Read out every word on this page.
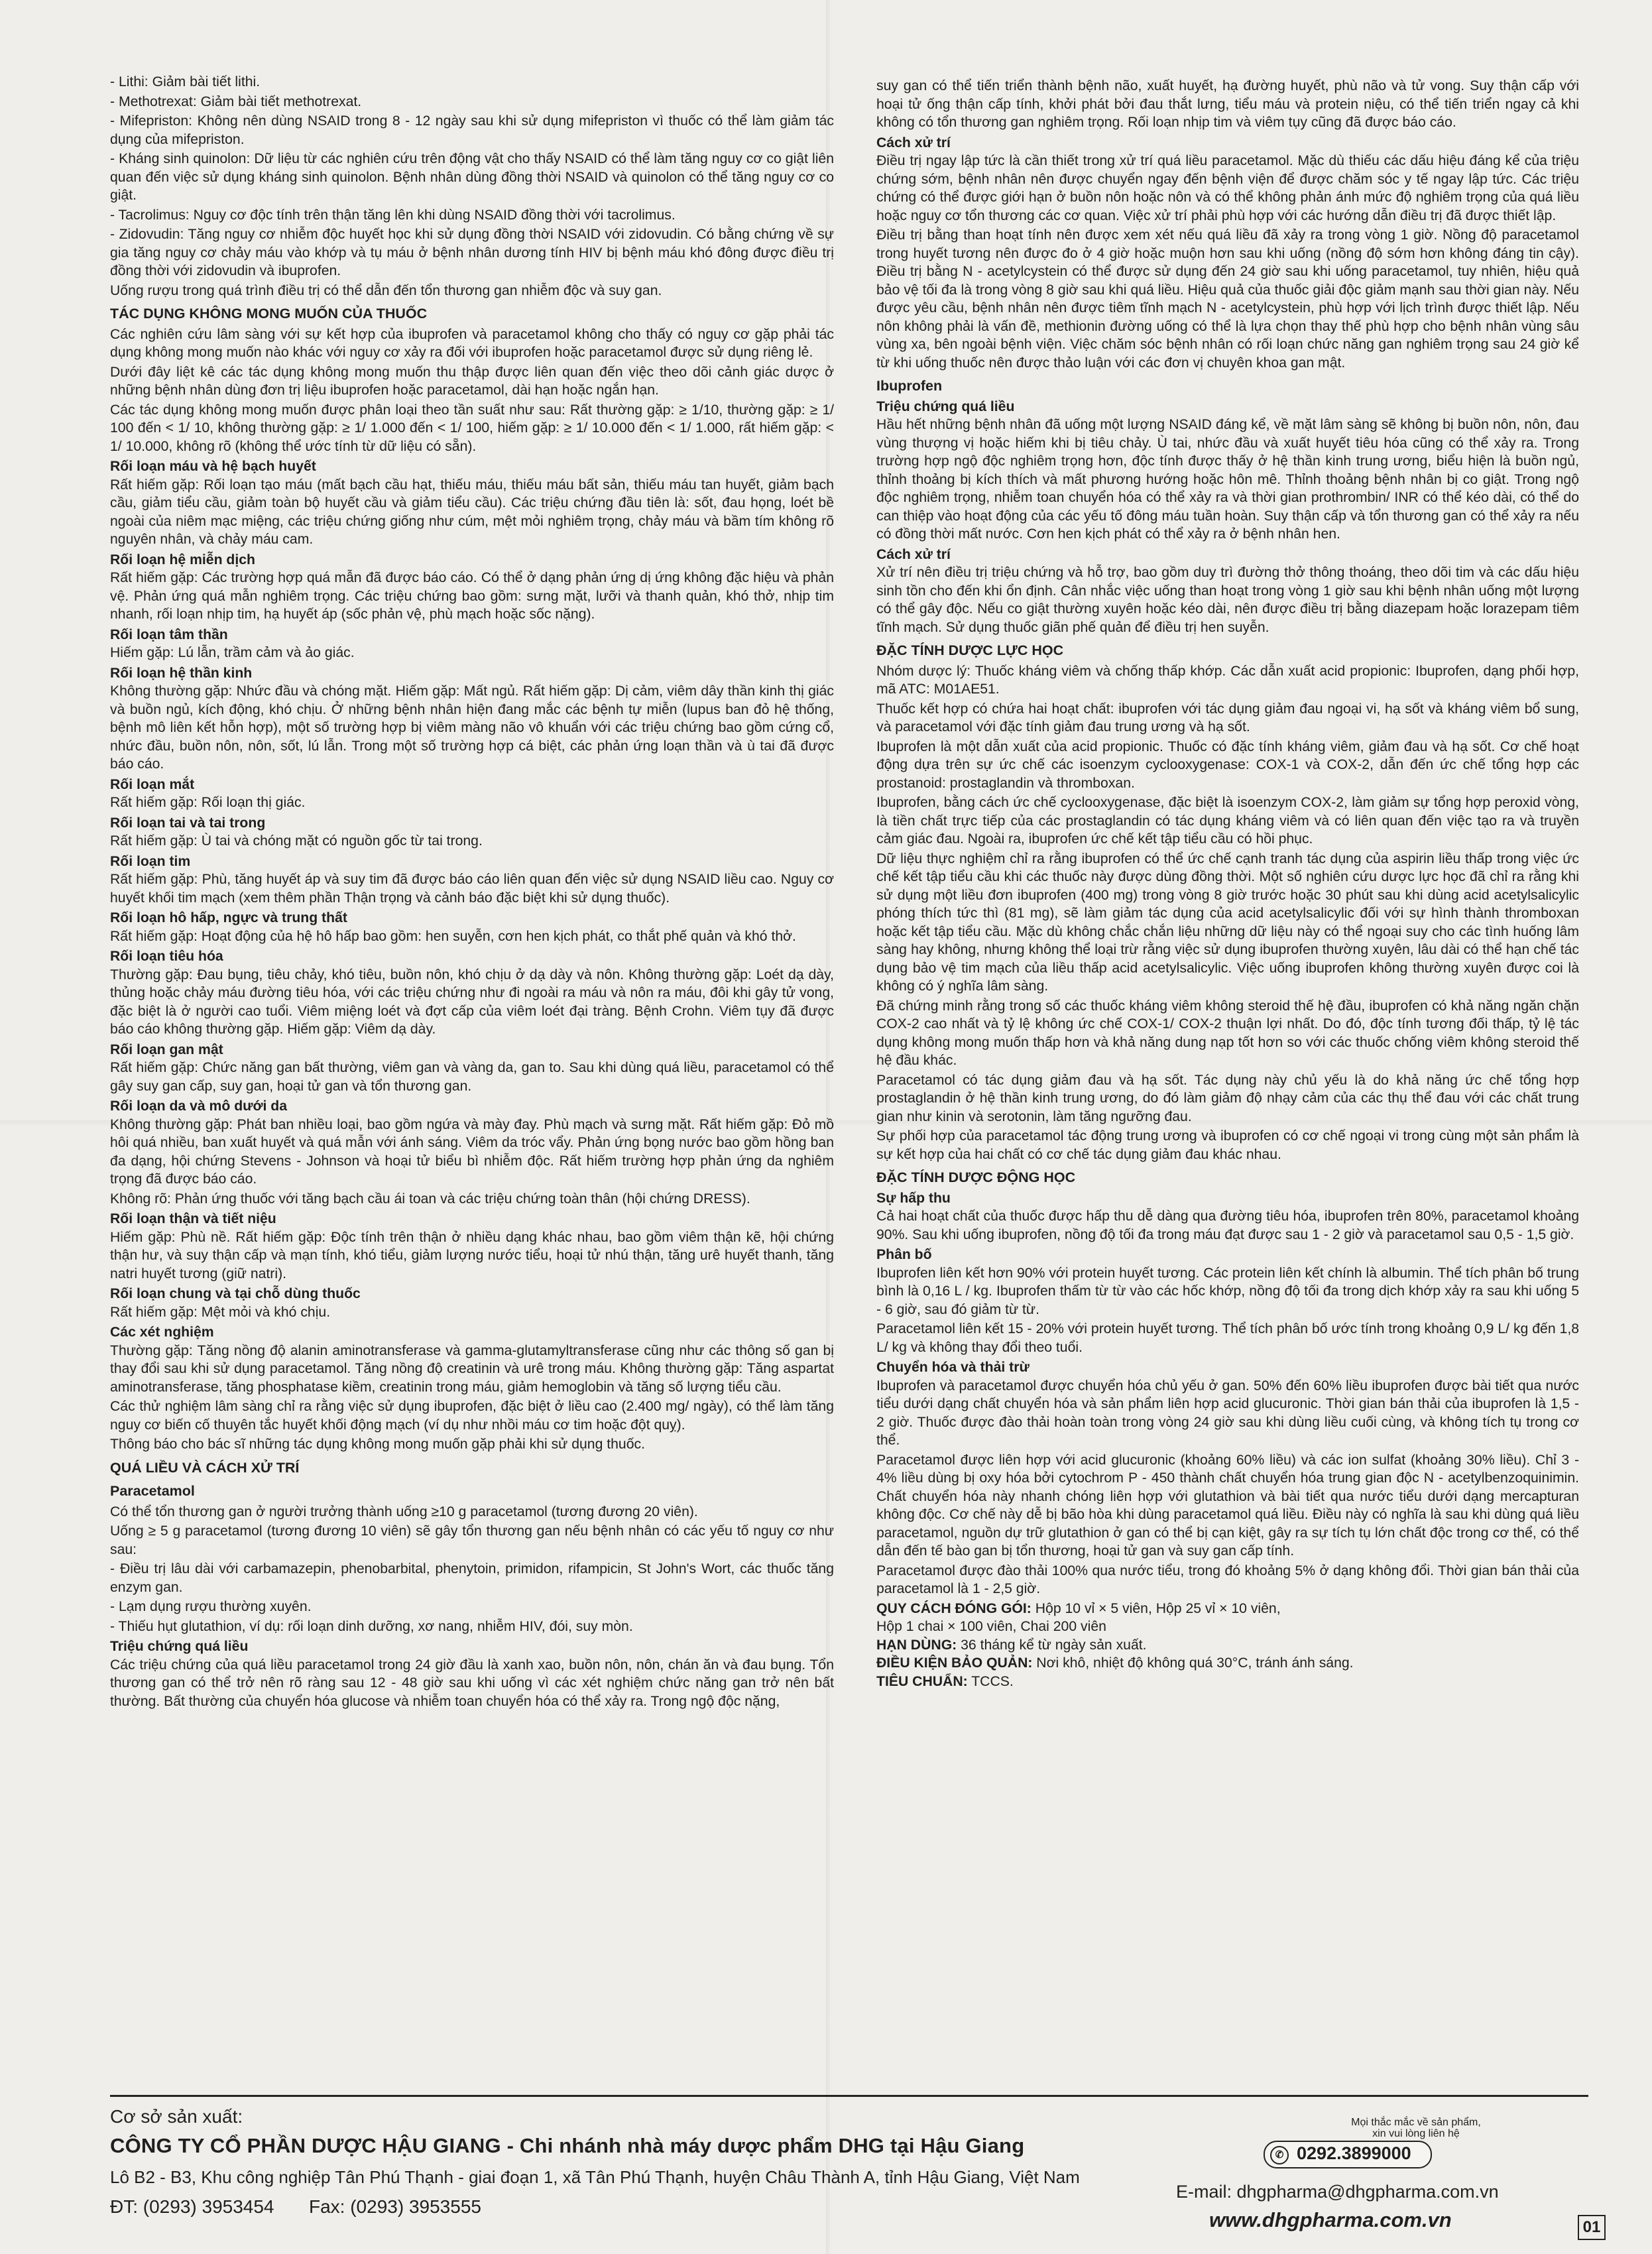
- Lithi: Giảm bài tiết lithi.

- Methotrexat: Giảm bài tiết methotrexat.

- Mifepriston: Không nên dùng NSAID trong 8 - 12 ngày sau khi sử dụng mifepriston vì thuốc có thể làm giảm tác dụng của mifepriston.

- Kháng sinh quinolon: Dữ liệu từ các nghiên cứu trên động vật cho thấy NSAID có thể làm tăng nguy cơ co giật liên quan đến việc sử dụng kháng sinh quinolon. Bệnh nhân dùng đồng thời NSAID và quinolon có thể tăng nguy cơ co giật.

- Tacrolimus: Nguy cơ độc tính trên thận tăng lên khi dùng NSAID đồng thời với tacrolimus.

- Zidovudin: Tăng nguy cơ nhiễm độc huyết học khi sử dụng đồng thời NSAID với zidovudin. Có bằng chứng về sự gia tăng nguy cơ chảy máu vào khớp và tụ máu ở bệnh nhân dương tính HIV bị bệnh máu khó đông được điều trị đồng thời với zidovudin và ibuprofen.

Uống rượu trong quá trình điều trị có thể dẫn đến tổn thương gan nhiễm độc và suy gan.

TÁC DỤNG KHÔNG MONG MUỐN CỦA THUỐC

Các nghiên cứu lâm sàng với sự kết hợp của ibuprofen và paracetamol không cho thấy có nguy cơ gặp phải tác dụng không mong muốn nào khác với nguy cơ xảy ra đối với ibuprofen hoặc paracetamol được sử dụng riêng lẻ.

Dưới đây liệt kê các tác dụng không mong muốn thu thập được liên quan đến việc theo dõi cảnh giác dược ở những bệnh nhân dùng đơn trị liệu ibuprofen hoặc paracetamol, dài hạn hoặc ngắn hạn.

Các tác dụng không mong muốn được phân loại theo tần suất như sau: Rất thường gặp: ≥ 1/10, thường gặp: ≥ 1/ 100 đến < 1/ 10, không thường gặp: ≥ 1/ 1.000 đến < 1/ 100, hiếm gặp: ≥ 1/ 10.000 đến < 1/ 1.000, rất hiếm gặp: < 1/ 10.000, không rõ (không thể ước tính từ dữ liệu có sẵn).

Rối loạn máu và hệ bạch huyết

Rất hiếm gặp: Rối loạn tạo máu (mất bạch cầu hạt, thiếu máu, thiếu máu bất sản, thiếu máu tan huyết, giảm bạch cầu, giảm tiểu cầu, giảm toàn bộ huyết cầu và giảm tiểu cầu). Các triệu chứng đầu tiên là: sốt, đau họng, loét bề ngoài của niêm mạc miệng, các triệu chứng giống như cúm, mệt mỏi nghiêm trọng, chảy máu và bầm tím không rõ nguyên nhân, và chảy máu cam.

Rối loạn hệ miễn dịch

Rất hiếm gặp: Các trường hợp quá mẫn đã được báo cáo. Có thể ở dạng phản ứng dị ứng không đặc hiệu và phản vệ. Phản ứng quá mẫn nghiêm trọng. Các triệu chứng bao gồm: sưng mặt, lưỡi và thanh quản, khó thở, nhịp tim nhanh, rối loạn nhịp tim, hạ huyết áp (sốc phản vệ, phù mạch hoặc sốc nặng).

Rối loạn tâm thần

Hiếm gặp: Lú lẫn, trầm cảm và ảo giác.

Rối loạn hệ thần kinh

Không thường gặp: Nhức đầu và chóng mặt. Hiếm gặp: Mất ngủ. Rất hiếm gặp: Dị cảm, viêm dây thần kinh thị giác và buồn ngủ, kích động, khó chịu. Ở những bệnh nhân hiện đang mắc các bệnh tự miễn (lupus ban đỏ hệ thống, bệnh mô liên kết hỗn hợp), một số trường hợp bị viêm màng não vô khuẩn với các triệu chứng bao gồm cứng cổ, nhức đầu, buồn nôn, nôn, sốt, lú lẫn. Trong một số trường hợp cá biệt, các phản ứng loạn thần và ù tai đã được báo cáo.

Rối loạn mắt

Rất hiếm gặp: Rối loạn thị giác.

Rối loạn tai và tai trong

Rất hiếm gặp: Ù tai và chóng mặt có nguồn gốc từ tai trong.

Rối loạn tim

Rất hiếm gặp: Phù, tăng huyết áp và suy tim đã được báo cáo liên quan đến việc sử dụng NSAID liều cao. Nguy cơ huyết khối tim mạch (xem thêm phần Thận trọng và cảnh báo đặc biệt khi sử dụng thuốc).

Rối loạn hô hấp, ngực và trung thất

Rất hiếm gặp: Hoạt động của hệ hô hấp bao gồm: hen suyễn, cơn hen kịch phát, co thắt phế quản và khó thở.

Rối loạn tiêu hóa

Thường gặp: Đau bụng, tiêu chảy, khó tiêu, buồn nôn, khó chịu ở dạ dày và nôn. Không thường gặp: Loét dạ dày, thủng hoặc chảy máu đường tiêu hóa, với các triệu chứng như đi ngoài ra máu và nôn ra máu, đôi khi gây tử vong, đặc biệt là ở người cao tuổi. Viêm miệng loét và đợt cấp của viêm loét đại tràng. Bệnh Crohn. Viêm tụy đã được báo cáo không thường gặp. Hiếm gặp: Viêm dạ dày.

Rối loạn gan mật

Rất hiếm gặp: Chức năng gan bất thường, viêm gan và vàng da, gan to. Sau khi dùng quá liều, paracetamol có thể gây suy gan cấp, suy gan, hoại tử gan và tổn thương gan.

Rối loạn da và mô dưới da

Không thường gặp: Phát ban nhiều loại, bao gồm ngứa và mày đay. Phù mạch và sưng mặt. Rất hiếm gặp: Đỏ mồ hôi quá nhiều, ban xuất huyết và quá mẫn với ánh sáng. Viêm da tróc vẩy. Phản ứng bọng nước bao gồm hồng ban đa dạng, hội chứng Stevens - Johnson và hoại tử biểu bì nhiễm độc. Rất hiếm trường hợp phản ứng da nghiêm trọng đã được báo cáo.

Không rõ: Phản ứng thuốc với tăng bạch cầu ái toan và các triệu chứng toàn thân (hội chứng DRESS).

Rối loạn thận và tiết niệu

Hiếm gặp: Phù nề. Rất hiếm gặp: Độc tính trên thận ở nhiều dạng khác nhau, bao gồm viêm thận kẽ, hội chứng thận hư, và suy thận cấp và mạn tính, khó tiểu, giảm lượng nước tiểu, hoại tử nhú thận, tăng urê huyết thanh, tăng natri huyết tương (giữ natri).

Rối loạn chung và tại chỗ dùng thuốc

Rất hiếm gặp: Mệt mỏi và khó chịu.

Các xét nghiệm

Thường gặp: Tăng nồng độ alanin aminotransferase và gamma-glutamyltransferase cũng như các thông số gan bị thay đổi sau khi sử dụng paracetamol. Tăng nồng độ creatinin và urê trong máu. Không thường gặp: Tăng aspartat aminotransferase, tăng phosphatase kiềm, creatinin trong máu, giảm hemoglobin và tăng số lượng tiểu cầu.

Các thử nghiệm lâm sàng chỉ ra rằng việc sử dụng ibuprofen, đặc biệt ở liều cao (2.400 mg/ ngày), có thể làm tăng nguy cơ biến cố thuyên tắc huyết khối động mạch (ví dụ như nhồi máu cơ tim hoặc đột quỵ).

Thông báo cho bác sĩ những tác dụng không mong muốn gặp phải khi sử dụng thuốc.

QUÁ LIỀU VÀ CÁCH XỬ TRÍ
Paracetamol

Có thể tổn thương gan ở người trưởng thành uống ≥10 g paracetamol (tương đương 20 viên).

Uống ≥ 5 g paracetamol (tương đương 10 viên) sẽ gây tổn thương gan nếu bệnh nhân có các yếu tố nguy cơ như sau:

- Điều trị lâu dài với carbamazepin, phenobarbital, phenytoin, primidon, rifampicin, St John's Wort, các thuốc tăng enzym gan.

- Lạm dụng rượu thường xuyên.

- Thiếu hụt glutathion, ví dụ: rối loạn dinh dưỡng, xơ nang, nhiễm HIV, đói, suy mòn.

Triệu chứng quá liều

Các triệu chứng của quá liều paracetamol trong 24 giờ đầu là xanh xao, buồn nôn, nôn, chán ăn và đau bụng. Tổn thương gan có thể trở nên rõ ràng sau 12 - 48 giờ sau khi uống vì các xét nghiệm chức năng gan trở nên bất thường. Bất thường của chuyển hóa glucose và nhiễm toan chuyển hóa có thể xảy ra. Trong ngộ độc nặng,

suy gan có thể tiến triển thành bệnh não, xuất huyết, hạ đường huyết, phù não và tử vong. Suy thận cấp với hoại tử ống thận cấp tính, khởi phát bởi đau thắt lưng, tiểu máu và protein niệu, có thể tiến triển ngay cả khi không có tổn thương gan nghiêm trọng. Rối loạn nhịp tim và viêm tụy cũng đã được báo cáo.

Cách xử trí

Điều trị ngay lập tức là cần thiết trong xử trí quá liều paracetamol. Mặc dù thiếu các dấu hiệu đáng kể của triệu chứng sớm, bệnh nhân nên được chuyển ngay đến bệnh viện để được chăm sóc y tế ngay lập tức. Các triệu chứng có thể được giới hạn ở buồn nôn hoặc nôn và có thể không phản ánh mức độ nghiêm trọng của quá liều hoặc nguy cơ tổn thương các cơ quan. Việc xử trí phải phù hợp với các hướng dẫn điều trị đã được thiết lập.

Điều trị bằng than hoạt tính nên được xem xét nếu quá liều đã xảy ra trong vòng 1 giờ. Nồng độ paracetamol trong huyết tương nên được đo ở 4 giờ hoặc muộn hơn sau khi uống (nồng độ sớm hơn không đáng tin cậy). Điều trị bằng N - acetylcystein có thể được sử dụng đến 24 giờ sau khi uống paracetamol, tuy nhiên, hiệu quả bảo vệ tối đa là trong vòng 8 giờ sau khi quá liều. Hiệu quả của thuốc giải độc giảm mạnh sau thời gian này. Nếu được yêu cầu, bệnh nhân nên được tiêm tĩnh mạch N - acetylcystein, phù hợp với lịch trình được thiết lập. Nếu nôn không phải là vấn đề, methionin đường uống có thể là lựa chọn thay thế phù hợp cho bệnh nhân vùng sâu vùng xa, bên ngoài bệnh viện. Việc chăm sóc bệnh nhân có rối loạn chức năng gan nghiêm trọng sau 24 giờ kể từ khi uống thuốc nên được thảo luận với các đơn vị chuyên khoa gan mật.

Ibuprofen
Triệu chứng quá liều

Hầu hết những bệnh nhân đã uống một lượng NSAID đáng kể, về mặt lâm sàng sẽ không bị buồn nôn, nôn, đau vùng thượng vị hoặc hiếm khi bị tiêu chảy. Ù tai, nhức đầu và xuất huyết tiêu hóa cũng có thể xảy ra. Trong trường hợp ngộ độc nghiêm trọng hơn, độc tính được thấy ở hệ thần kinh trung ương, biểu hiện là buồn ngủ, thỉnh thoảng bị kích thích và mất phương hướng hoặc hôn mê. Thỉnh thoảng bệnh nhân bị co giật. Trong ngộ độc nghiêm trọng, nhiễm toan chuyển hóa có thể xảy ra và thời gian prothrombin/ INR có thể kéo dài, có thể do can thiệp vào hoạt động của các yếu tố đông máu tuần hoàn. Suy thận cấp và tổn thương gan có thể xảy ra nếu có đồng thời mất nước. Cơn hen kịch phát có thể xảy ra ở bệnh nhân hen.

Cách xử trí

Xử trí nên điều trị triệu chứng và hỗ trợ, bao gồm duy trì đường thở thông thoáng, theo dõi tim và các dấu hiệu sinh tồn cho đến khi ổn định. Cân nhắc việc uống than hoạt trong vòng 1 giờ sau khi bệnh nhân uống một lượng có thể gây độc. Nếu co giật thường xuyên hoặc kéo dài, nên được điều trị bằng diazepam hoặc lorazepam tiêm tĩnh mạch. Sử dụng thuốc giãn phế quản để điều trị hen suyễn.

ĐẶC TÍNH DƯỢC LỰC HỌC

Nhóm dược lý: Thuốc kháng viêm và chống thấp khớp. Các dẫn xuất acid propionic: Ibuprofen, dạng phối hợp, mã ATC: M01AE51.

Thuốc kết hợp có chứa hai hoạt chất: ibuprofen với tác dụng giảm đau ngoại vi, hạ sốt và kháng viêm bổ sung, và paracetamol với đặc tính giảm đau trung ương và hạ sốt.

Ibuprofen là một dẫn xuất của acid propionic. Thuốc có đặc tính kháng viêm, giảm đau và hạ sốt. Cơ chế hoạt động dựa trên sự ức chế các isoenzym cyclooxygenase: COX-1 và COX-2, dẫn đến ức chế tổng hợp các prostanoid: prostaglandin và thromboxan.

Ibuprofen, bằng cách ức chế cyclooxygenase, đặc biệt là isoenzym COX-2, làm giảm sự tổng hợp peroxid vòng, là tiền chất trực tiếp của các prostaglandin có tác dụng kháng viêm và có liên quan đến việc tạo ra và truyền cảm giác đau. Ngoài ra, ibuprofen ức chế kết tập tiểu cầu có hồi phục.

Dữ liệu thực nghiệm chỉ ra rằng ibuprofen có thể ức chế cạnh tranh tác dụng của aspirin liều thấp trong việc ức chế kết tập tiểu cầu khi các thuốc này được dùng đồng thời. Một số nghiên cứu dược lực học đã chỉ ra rằng khi sử dụng một liều đơn ibuprofen (400 mg) trong vòng 8 giờ trước hoặc 30 phút sau khi dùng acid acetylsalicylic phóng thích tức thì (81 mg), sẽ làm giảm tác dụng của acid acetylsalicylic đối với sự hình thành thromboxan hoặc kết tập tiểu cầu. Mặc dù không chắc chắn liệu những dữ liệu này có thể ngoại suy cho các tình huống lâm sàng hay không, nhưng không thể loại trừ rằng việc sử dụng ibuprofen thường xuyên, lâu dài có thể hạn chế tác dụng bảo vệ tim mạch của liều thấp acid acetylsalicylic. Việc uống ibuprofen không thường xuyên được coi là không có ý nghĩa lâm sàng.

Đã chứng minh rằng trong số các thuốc kháng viêm không steroid thế hệ đầu, ibuprofen có khả năng ngăn chặn COX-2 cao nhất và tỷ lệ không ức chế COX-1/ COX-2 thuận lợi nhất. Do đó, độc tính tương đối thấp, tỷ lệ tác dụng không mong muốn thấp hơn và khả năng dung nạp tốt hơn so với các thuốc chống viêm không steroid thế hệ đầu khác.

Paracetamol có tác dụng giảm đau và hạ sốt. Tác dụng này chủ yếu là do khả năng ức chế tổng hợp prostaglandin ở hệ thần kinh trung ương, do đó làm giảm độ nhạy cảm của các thụ thể đau với các chất trung gian như kinin và serotonin, làm tăng ngưỡng đau.

Sự phối hợp của paracetamol tác động trung ương và ibuprofen có cơ chế ngoại vi trong cùng một sản phẩm là sự kết hợp của hai chất có cơ chế tác dụng giảm đau khác nhau.

ĐẶC TÍNH DƯỢC ĐỘNG HỌC
Sự hấp thu

Cả hai hoạt chất của thuốc được hấp thu dễ dàng qua đường tiêu hóa, ibuprofen trên 80%, paracetamol khoảng 90%. Sau khi uống ibuprofen, nồng độ tối đa trong máu đạt được sau 1 - 2 giờ và paracetamol sau 0,5 - 1,5 giờ.

Phân bố

Ibuprofen liên kết hơn 90% với protein huyết tương. Các protein liên kết chính là albumin. Thể tích phân bố trung bình là 0,16 L / kg. Ibuprofen thấm từ từ vào các hốc khớp, nồng độ tối đa trong dịch khớp xảy ra sau khi uống 5 - 6 giờ, sau đó giảm từ từ.

Paracetamol liên kết 15 - 20% với protein huyết tương. Thể tích phân bố ước tính trong khoảng 0,9 L/ kg đến 1,8 L/ kg và không thay đổi theo tuổi.

Chuyển hóa và thải trừ

Ibuprofen và paracetamol được chuyển hóa chủ yếu ở gan. 50% đến 60% liều ibuprofen được bài tiết qua nước tiểu dưới dạng chất chuyển hóa và sản phẩm liên hợp acid glucuronic. Thời gian bán thải của ibuprofen là 1,5 - 2 giờ. Thuốc được đào thải hoàn toàn trong vòng 24 giờ sau khi dùng liều cuối cùng, và không tích tụ trong cơ thể.

Paracetamol được liên hợp với acid glucuronic (khoảng 60% liều) và các ion sulfat (khoảng 30% liều). Chỉ 3 - 4% liều dùng bị oxy hóa bởi cytochrom P - 450 thành chất chuyển hóa trung gian độc N - acetylbenzoquinimin. Chất chuyển hóa này nhanh chóng liên hợp với glutathion và bài tiết qua nước tiểu dưới dạng mercapturan không độc. Cơ chế này dễ bị bão hòa khi dùng paracetamol quá liều. Điều này có nghĩa là sau khi dùng quá liều paracetamol, nguồn dự trữ glutathion ở gan có thể bị cạn kiệt, gây ra sự tích tụ lớn chất độc trong cơ thể, có thể dẫn đến tế bào gan bị tổn thương, hoại tử gan và suy gan cấp tính.

Paracetamol được đào thải 100% qua nước tiểu, trong đó khoảng 5% ở dạng không đổi. Thời gian bán thải của paracetamol là 1 - 2,5 giờ.

QUY CÁCH ĐÓNG GÓI: Hộp 10 vỉ × 5 viên, Hộp 25 vỉ × 10 viên,

Hộp 1 chai × 100 viên, Chai 200 viên

HẠN DÙNG: 36 tháng kể từ ngày sản xuất.

ĐIỀU KIỆN BẢO QUẢN: Nơi khô, nhiệt độ không quá 30°C, tránh ánh sáng.

TIÊU CHUẨN: TCCS.

Cơ sở sản xuất:
CÔNG TY CỔ PHẦN DƯỢC HẬU GIANG - Chi nhánh nhà máy dược phẩm DHG tại Hậu Giang
Lô B2 - B3, Khu công nghiệp Tân Phú Thạnh - giai đoạn 1, xã Tân Phú Thạnh, huyện Châu Thành A, tỉnh Hậu Giang, Việt Nam
ĐT: (0293) 3953454 Fax: (0293) 3953555
Mọi thắc mắc về sản phẩm, xin vui lòng liên hệ
✆ 0292.3899000
E-mail: dhgpharma@dhgpharma.com.vn
www.dhgpharma.com.vn	01
